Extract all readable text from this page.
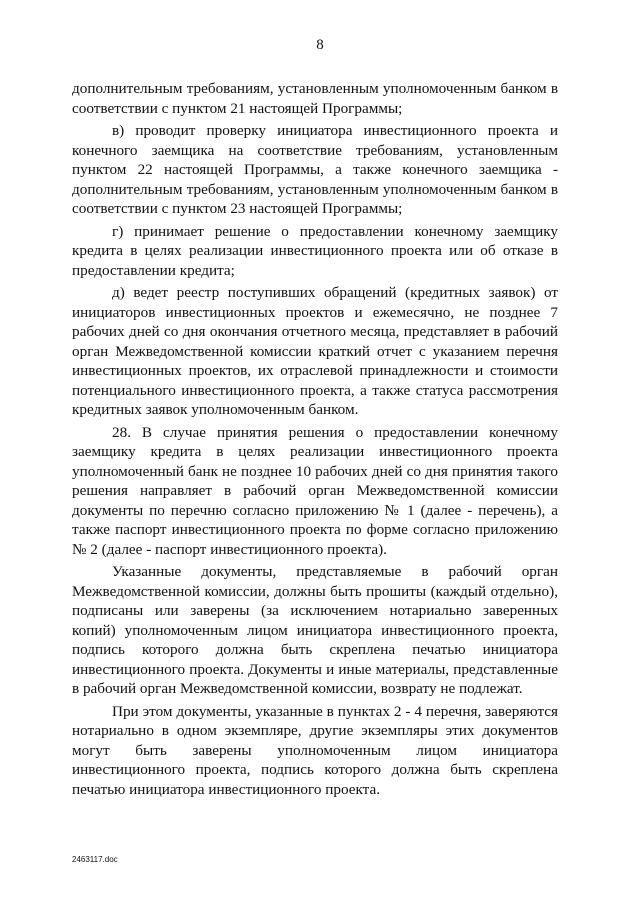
8

дополнительным требованиям, установленным уполномоченным банком в соответствии с пунктом 21 настоящей Программы;

в) проводит проверку инициатора инвестиционного проекта и конечного заемщика на соответствие требованиям, установленным пунктом 22 настоящей Программы, а также конечного заемщика - дополнительным требованиям, установленным уполномоченным банком в соответствии с пунктом 23 настоящей Программы;

г) принимает решение о предоставлении конечному заемщику кредита в целях реализации инвестиционного проекта или об отказе в предоставлении кредита;

д) ведет реестр поступивших обращений (кредитных заявок) от инициаторов инвестиционных проектов и ежемесячно, не позднее 7 рабочих дней со дня окончания отчетного месяца, представляет в рабочий орган Межведомственной комиссии краткий отчет с указанием перечня инвестиционных проектов, их отраслевой принадлежности и стоимости потенциального инвестиционного проекта, а также статуса рассмотрения кредитных заявок уполномоченным банком.

28. В случае принятия решения о предоставлении конечному заемщику кредита в целях реализации инвестиционного проекта уполномоченный банк не позднее 10 рабочих дней со дня принятия такого решения направляет в рабочий орган Межведомственной комиссии документы по перечню согласно приложению № 1 (далее - перечень), а также паспорт инвестиционного проекта по форме согласно приложению № 2 (далее - паспорт инвестиционного проекта).

Указанные документы, представляемые в рабочий орган Межведомственной комиссии, должны быть прошиты (каждый отдельно), подписаны или заверены (за исключением нотариально заверенных копий) уполномоченным лицом инициатора инвестиционного проекта, подпись которого должна быть скреплена печатью инициатора инвестиционного проекта. Документы и иные материалы, представленные в рабочий орган Межведомственной комиссии, возврату не подлежат.

При этом документы, указанные в пунктах 2 - 4 перечня, заверяются нотариально в одном экземпляре, другие экземпляры этих документов могут быть заверены уполномоченным лицом инициатора инвестиционного проекта, подпись которого должна быть скреплена печатью инициатора инвестиционного проекта.

2463117.doc
